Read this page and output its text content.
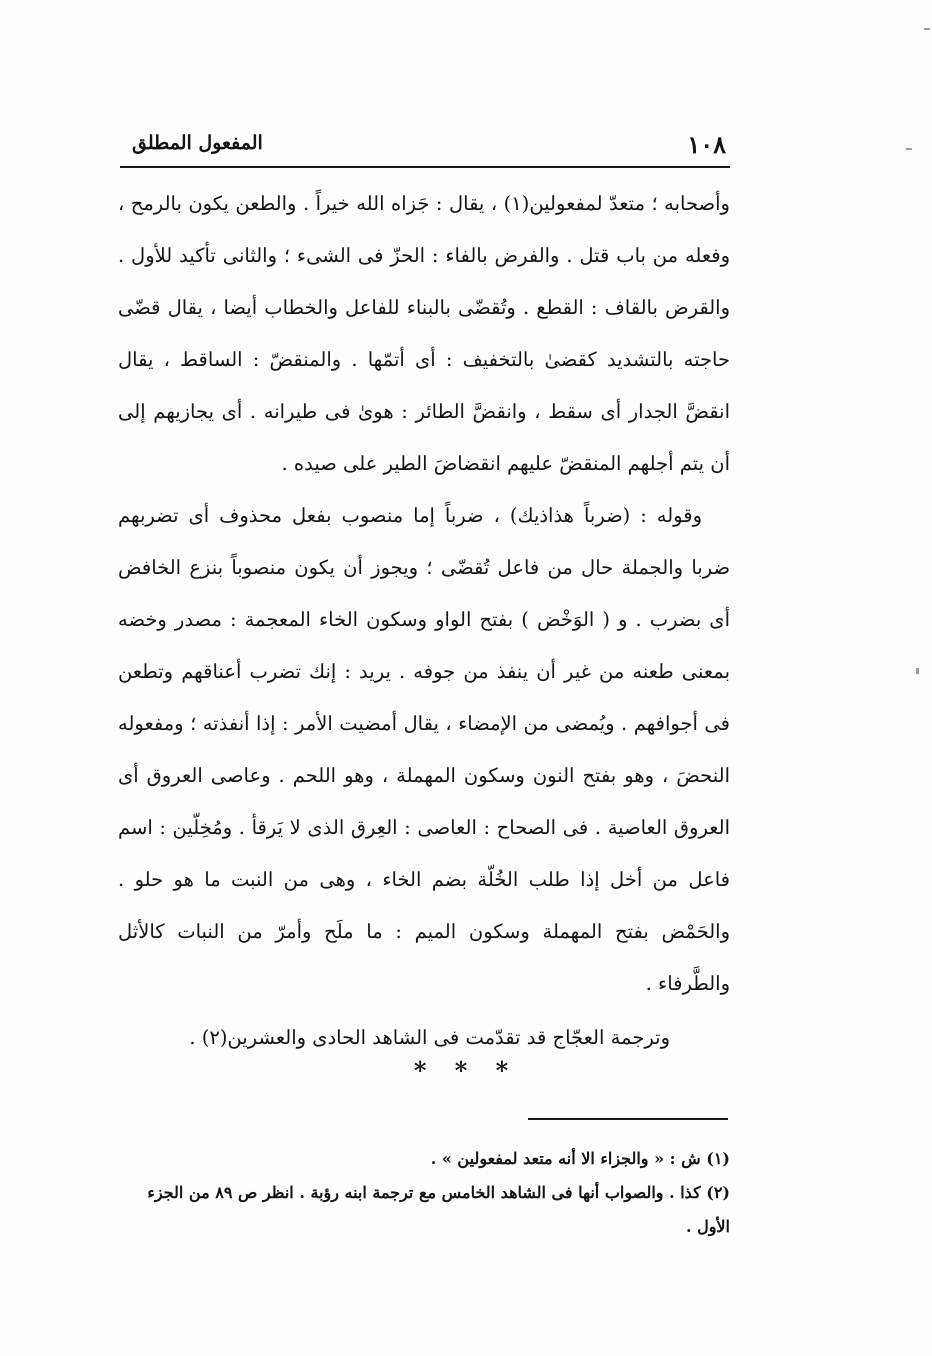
١٠٨
المفعول المطلق

وأصحابه ؛ متعدّ لمفعولين(١) ، يقال : جَزاه الله خيراً . والطعن يكون بالرمح ، وفعله من باب قتل . والفرض بالفاء : الحزّ فى الشىء ؛ والثانى تأكيد للأول . والقرض بالقاف : القطع . وتُقضّى بالبناء للفاعل والخطاب أيضا ، يقال قضّى حاجته بالتشديد كقضىٰ بالتخفيف : أى أتمّها . والمنقضّ : الساقط ، يقال انقضَّ الجدار أى سقط ، وانقضَّ الطائر : هوىٰ فى طيرانه . أى يجازيهم إلى أن يتم أجلهم المنقضّ عليهم انقضاضَ الطير على صيده .

وقوله : (ضرباً هذاذيك) ، ضرباً إما منصوب بفعل محذوف أى تضربهم ضربا والجملة حال من فاعل تُقضّى ؛ ويجوز أن يكون منصوباً بنزع الخافض أى بضرب . و ( الوَخْض ) بفتح الواو وسكون الخاء المعجمة : مصدر وخضه بمعنى طعنه من غير أن ينفذ من جوفه . يريد : إنك تضرب أعناقهم وتطعن فى أجوافهم . ويُمضى من الإمضاء ، يقال أمضيت الأمر : إذا أنفذته ؛ ومفعوله النحضَ ، وهو بفتح النون وسكون المهملة ، وهو اللحم . وعاصى العروق أى العروق العاصية . فى الصحاح : العاصى : العِرق الذى لا يَرقأ . ومُخِلّين : اسم فاعل من أخل إذا طلب الخُلّة بضم الخاء ، وهى من النبت ما هو حلو . والحَمْض بفتح المهملة وسكون الميم : ما ملَح وأمرّ من النبات كالأثل والطَّرفاء .

وترجمة العجّاج قد تقدّمت فى الشاهد الحادى والعشرين(٢) .

* * *

(١) ش : « والجزاء الا أنه متعد لمفعولين » .

(٢) كذا . والصواب أنها فى الشاهد الخامس مع ترجمة ابنه رؤبة . انظر ص ٨٩ من الجزء الأول .
